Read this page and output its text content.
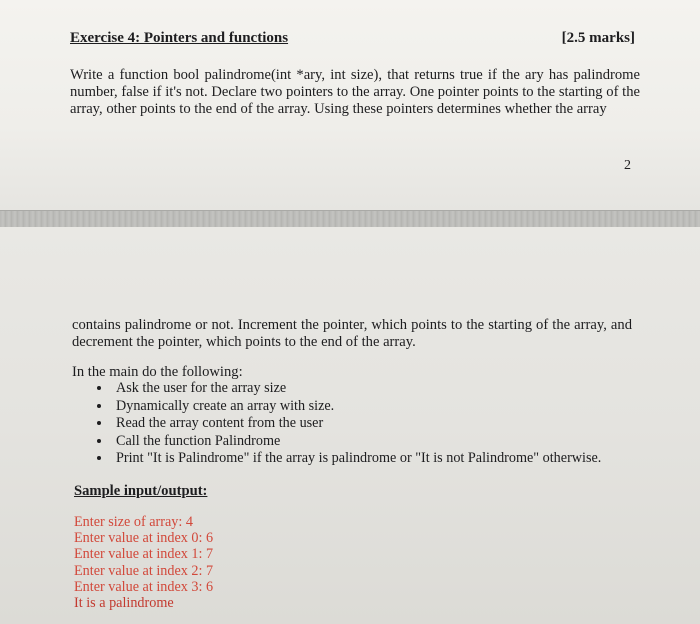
Exercise 4: Pointers and functions	[2.5 marks]

Write a function bool palindrome(int *ary, int size), that returns true if the ary has palindrome number, false if it's not. Declare two pointers to the array. One pointer points to the starting of the array, other points to the end of the array. Using these pointers determines whether the array

2

contains palindrome or not. Increment the pointer, which points to the starting of the array, and decrement the pointer, which points to the end of the array.

In the main do the following:

• Ask the user for the array size
• Dynamically create an array with size.
• Read the array content from the user
• Call the function Palindrome
• Print "It is Palindrome" if the array is palindrome or "It is not Palindrome" otherwise.
Sample input/output:
Enter size of array: 4
Enter value at index 0: 6
Enter value at index 1: 7
Enter value at index 2: 7
Enter value at index 3: 6
It is a palindrome
